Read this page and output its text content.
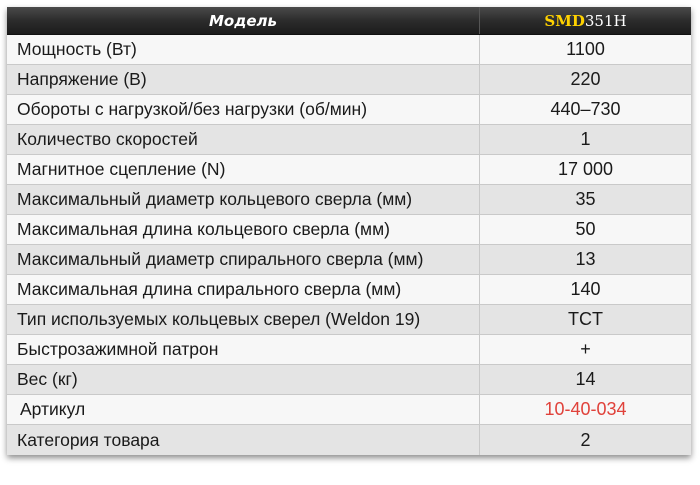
Модель	SMD 351H
Мощность (Вт)	1100
Напряжение (В)	220
Обороты с нагрузкой/без нагрузки (об/мин)	440–730
Количество скоростей	1
Магнитное сцепление (N)	17 000
Максимальный диаметр кольцевого сверла (мм)	35
Максимальная длина кольцевого сверла (мм)	50
Максимальный диаметр спирального сверла (мм)	13
Максимальная длина спирального сверла (мм)	140
Тип используемых кольцевых сверел (Weldon 19)	TCT
Быстрозажимной патрон	+
Вес (кг)	14
Артикул	10-40-034
Категория товара	2
